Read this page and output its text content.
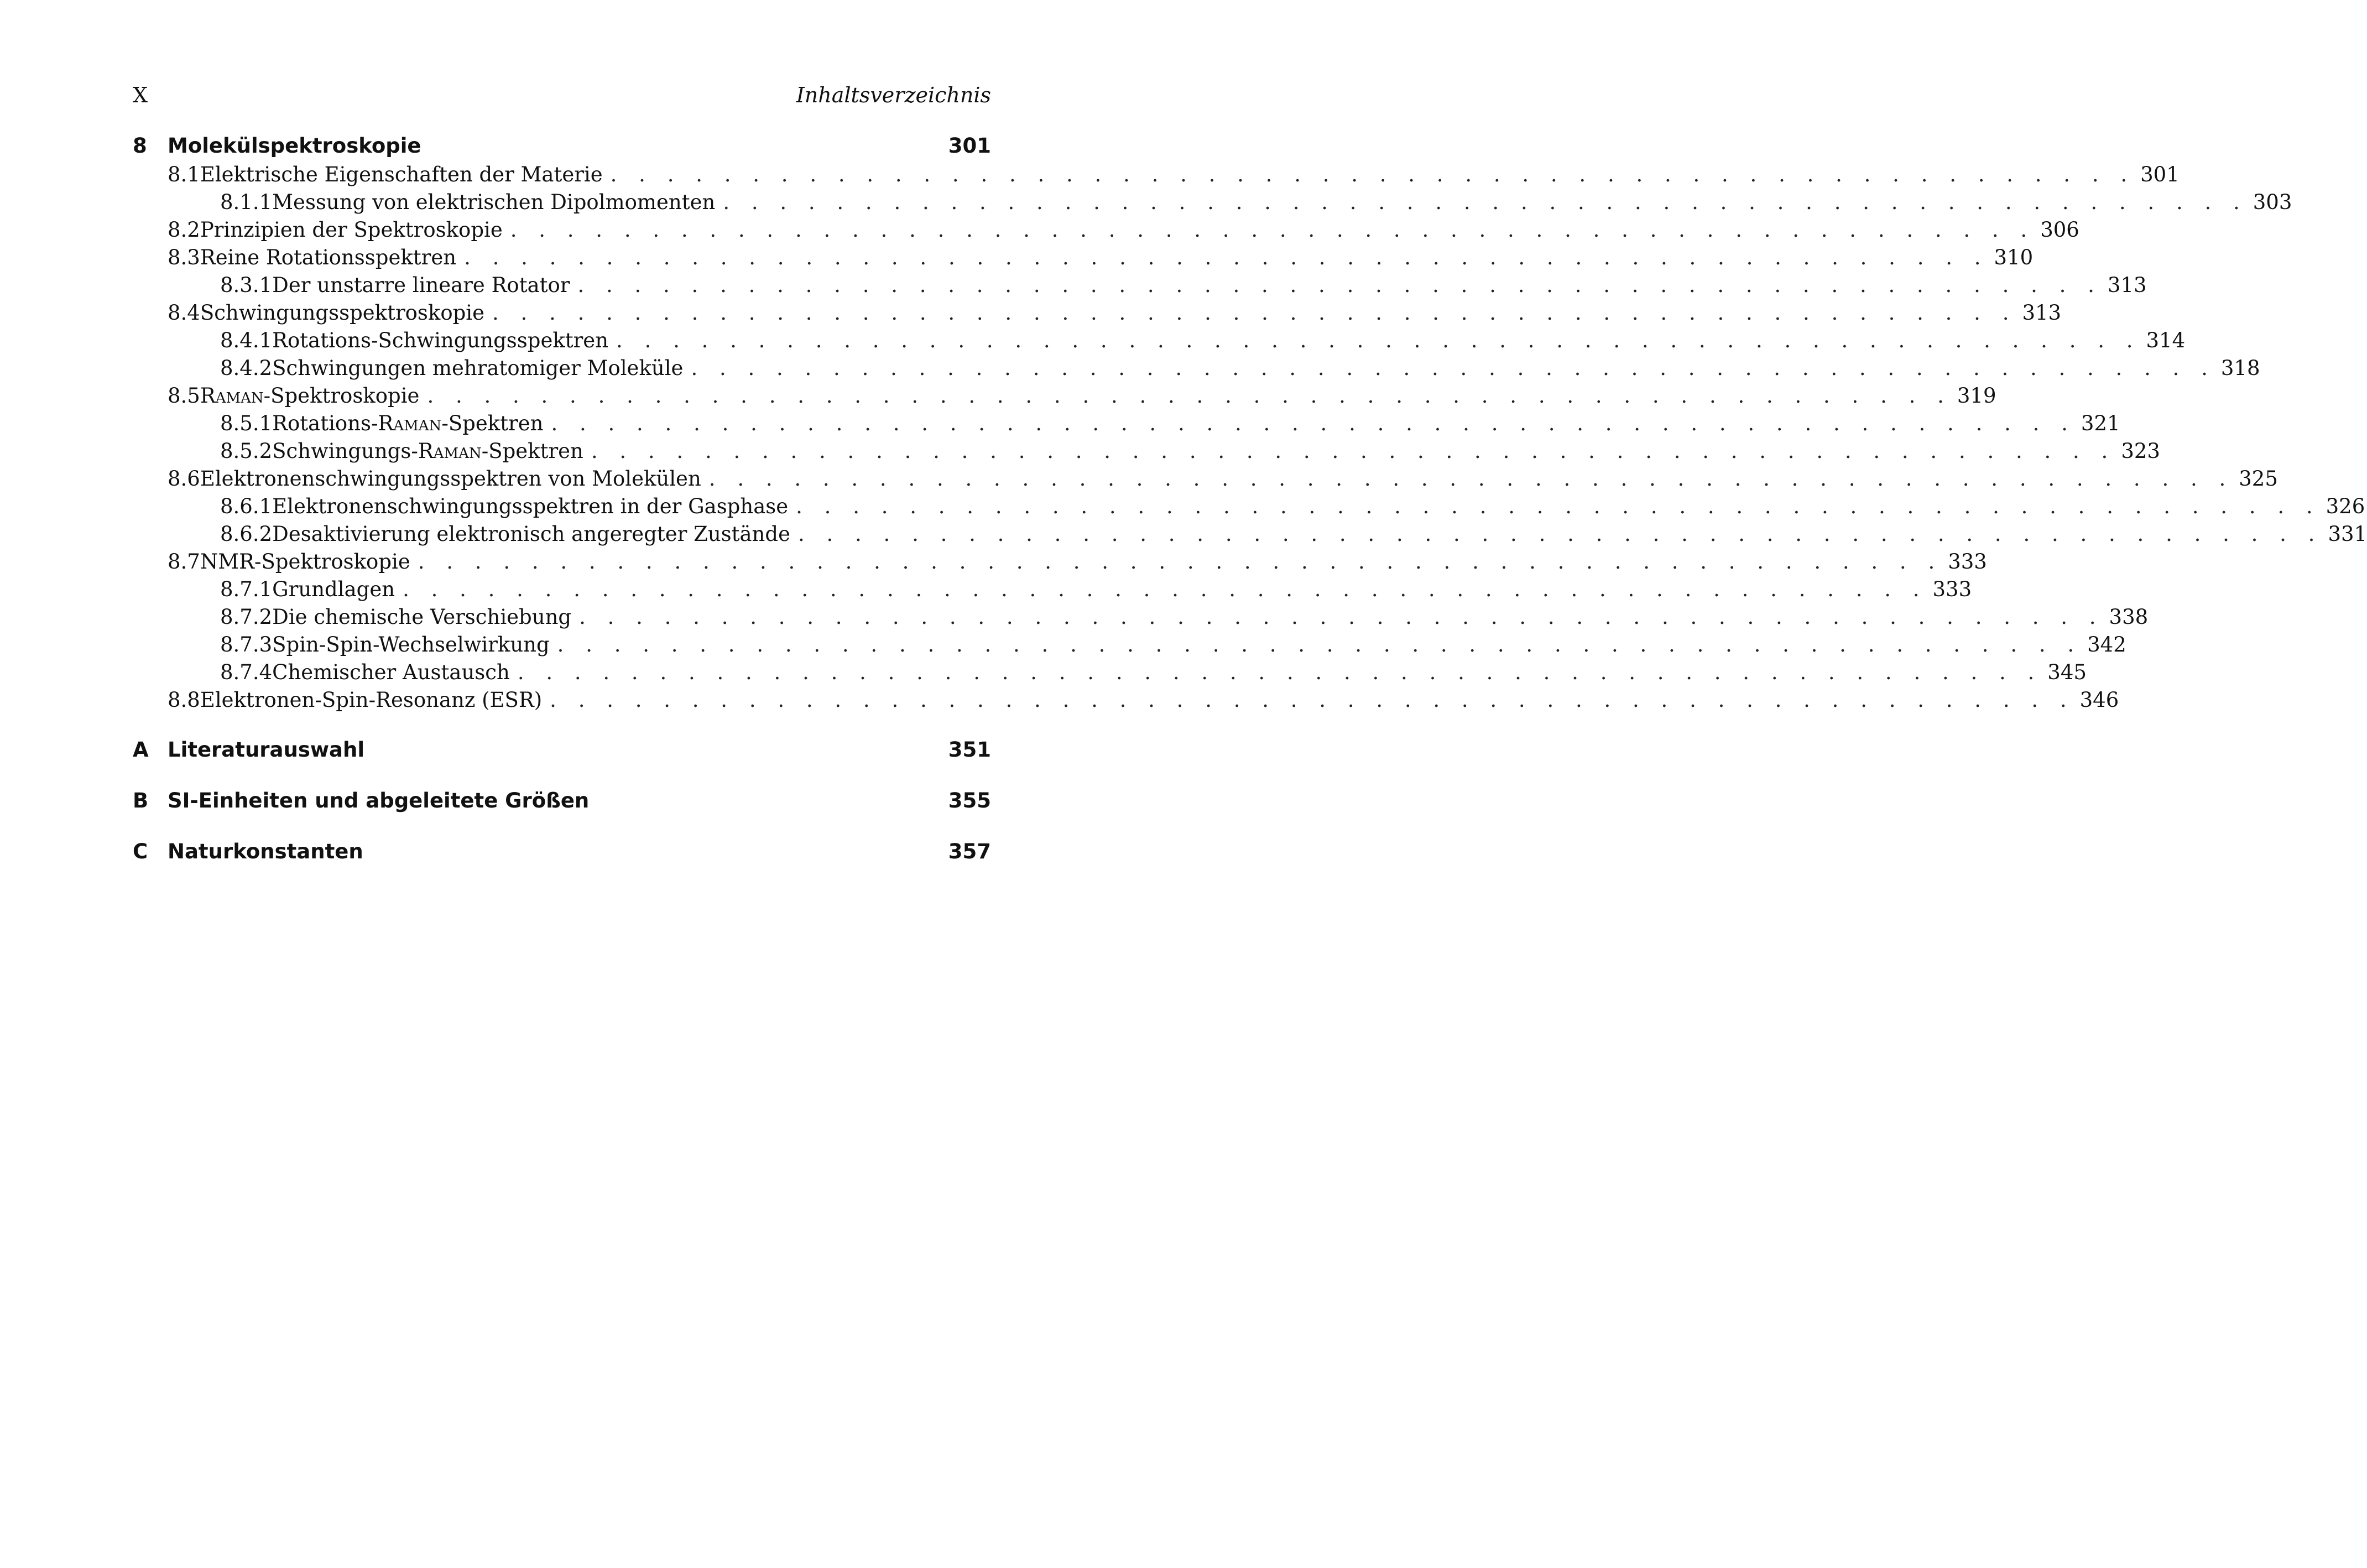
X	Inhaltsverzeichnis
8	Molekülspektroskopie	301
8.1 Elektrische Eigenschaften der Materie . . . . . . . . . . . . . . . . . . . . . . . . . . . . . . . . . . . . . . . . . . . . . . . . . . . . . . 301
8.1.1 Messung von elektrischen Dipolmomenten . . . . . . . . . . . . . . . . . . . . . . . . . . . . . . . . . . . . . . . . . . . . . . . . . . . . . . 303
8.2 Prinzipien der Spektroskopie . . . . . . . . . . . . . . . . . . . . . . . . . . . . . . . . . . . . . . . . . . . . . . . . . . . . . . 306
8.3 Reine Rotationsspektren . . . . . . . . . . . . . . . . . . . . . . . . . . . . . . . . . . . . . . . . . . . . . . . . . . . . . . 310
8.3.1 Der unstarre lineare Rotator . . . . . . . . . . . . . . . . . . . . . . . . . . . . . . . . . . . . . . . . . . . . . . . . . . . . . . 313
8.4 Schwingungsspektroskopie . . . . . . . . . . . . . . . . . . . . . . . . . . . . . . . . . . . . . . . . . . . . . . . . . . . . . . 313
8.4.1 Rotations-Schwingungsspektren . . . . . . . . . . . . . . . . . . . . . . . . . . . . . . . . . . . . . . . . . . . . . . . . . . . . . . 314
8.4.2 Schwingungen mehratomiger Moleküle . . . . . . . . . . . . . . . . . . . . . . . . . . . . . . . . . . . . . . . . . . . . . . . . . . . . . . 318
8.5 Raman-Spektroskopie . . . . . . . . . . . . . . . . . . . . . . . . . . . . . . . . . . . . . . . . . . . . . . . . . . . . . . 319
8.5.1 Rotations-Raman-Spektren . . . . . . . . . . . . . . . . . . . . . . . . . . . . . . . . . . . . . . . . . . . . . . . . . . . . . . 321
8.5.2 Schwingungs-Raman-Spektren . . . . . . . . . . . . . . . . . . . . . . . . . . . . . . . . . . . . . . . . . . . . . . . . . . . . . . 323
8.6 Elektronenschwingungsspektren von Molekülen . . . . . . . . . . . . . . . . . . . . . . . . . . . . . . . . . . . . . . . . . . . . . . . . . . . . . . 325
8.6.1 Elektronenschwingungsspektren in der Gasphase . . . . . . . . . . . . . . . . . . . . . . . . . . . . . . . . . . . . . . . . . . . . . . . . . . . . . . 326
8.6.2 Desaktivierung elektronisch angeregter Zustände . . . . . . . . . . . . . . . . . . . . . . . . . . . . . . . . . . . . . . . . . . . . . . . . . . . . . . 331
8.7 NMR-Spektroskopie . . . . . . . . . . . . . . . . . . . . . . . . . . . . . . . . . . . . . . . . . . . . . . . . . . . . . . 333
8.7.1 Grundlagen . . . . . . . . . . . . . . . . . . . . . . . . . . . . . . . . . . . . . . . . . . . . . . . . . . . . . . 333
8.7.2 Die chemische Verschiebung . . . . . . . . . . . . . . . . . . . . . . . . . . . . . . . . . . . . . . . . . . . . . . . . . . . . . . 338
8.7.3 Spin-Spin-Wechselwirkung . . . . . . . . . . . . . . . . . . . . . . . . . . . . . . . . . . . . . . . . . . . . . . . . . . . . . . 342
8.7.4 Chemischer Austausch . . . . . . . . . . . . . . . . . . . . . . . . . . . . . . . . . . . . . . . . . . . . . . . . . . . . . . 345
8.8 Elektronen-Spin-Resonanz (ESR) . . . . . . . . . . . . . . . . . . . . . . . . . . . . . . . . . . . . . . . . . . . . . . . . . . . . . . 346
A Literaturauswahl	351
B SI-Einheiten und abgeleitete Größen	355
C Naturkonstanten	357
